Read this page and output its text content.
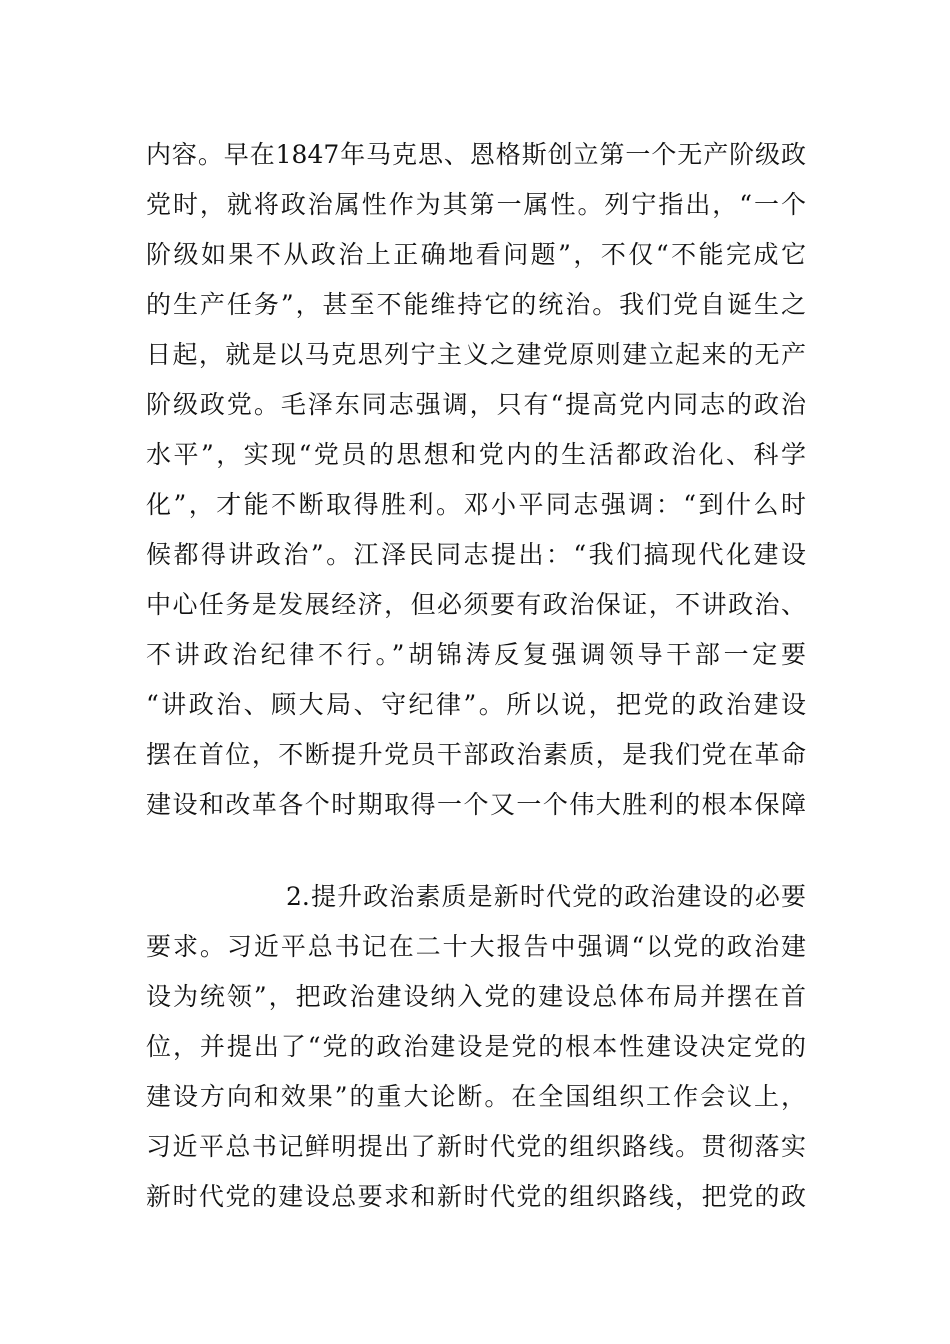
内容。早在1847年马克思、恩格斯创立第一个无产阶级政
党时，就将政治属性作为其第一属性。列宁指出，“一个
阶级如果不从政治上正确地看问题”，不仅“不能完成它
的生产任务”，甚至不能维持它的统治。我们党自诞生之
日起，就是以马克思列宁主义之建党原则建立起来的无产
阶级政党。毛泽东同志强调，只有“提高党内同志的政治
水平”，实现“党员的思想和党内的生活都政治化、科学
化”，才能不断取得胜利。邓小平同志强调：“到什么时
候都得讲政治”。江泽民同志提出：“我们搞现代化建设
中心任务是发展经济，但必须要有政治保证，不讲政治、
不讲政治纪律不行。”胡锦涛反复强调领导干部一定要
“讲政治、顾大局、守纪律”。所以说，把党的政治建设
摆在首位，不断提升党员干部政治素质，是我们党在革命
建设和改革各个时期取得一个又一个伟大胜利的根本保障
2.提升政治素质是新时代党的政治建设的必要
要求。习近平总书记在二十大报告中强调“以党的政治建
设为统领”，把政治建设纳入党的建设总体布局并摆在首
位，并提出了“党的政治建设是党的根本性建设决定党的
建设方向和效果”的重大论断。在全国组织工作会议上，
习近平总书记鲜明提出了新时代党的组织路线。贯彻落实
新时代党的建设总要求和新时代党的组织路线，把党的政
